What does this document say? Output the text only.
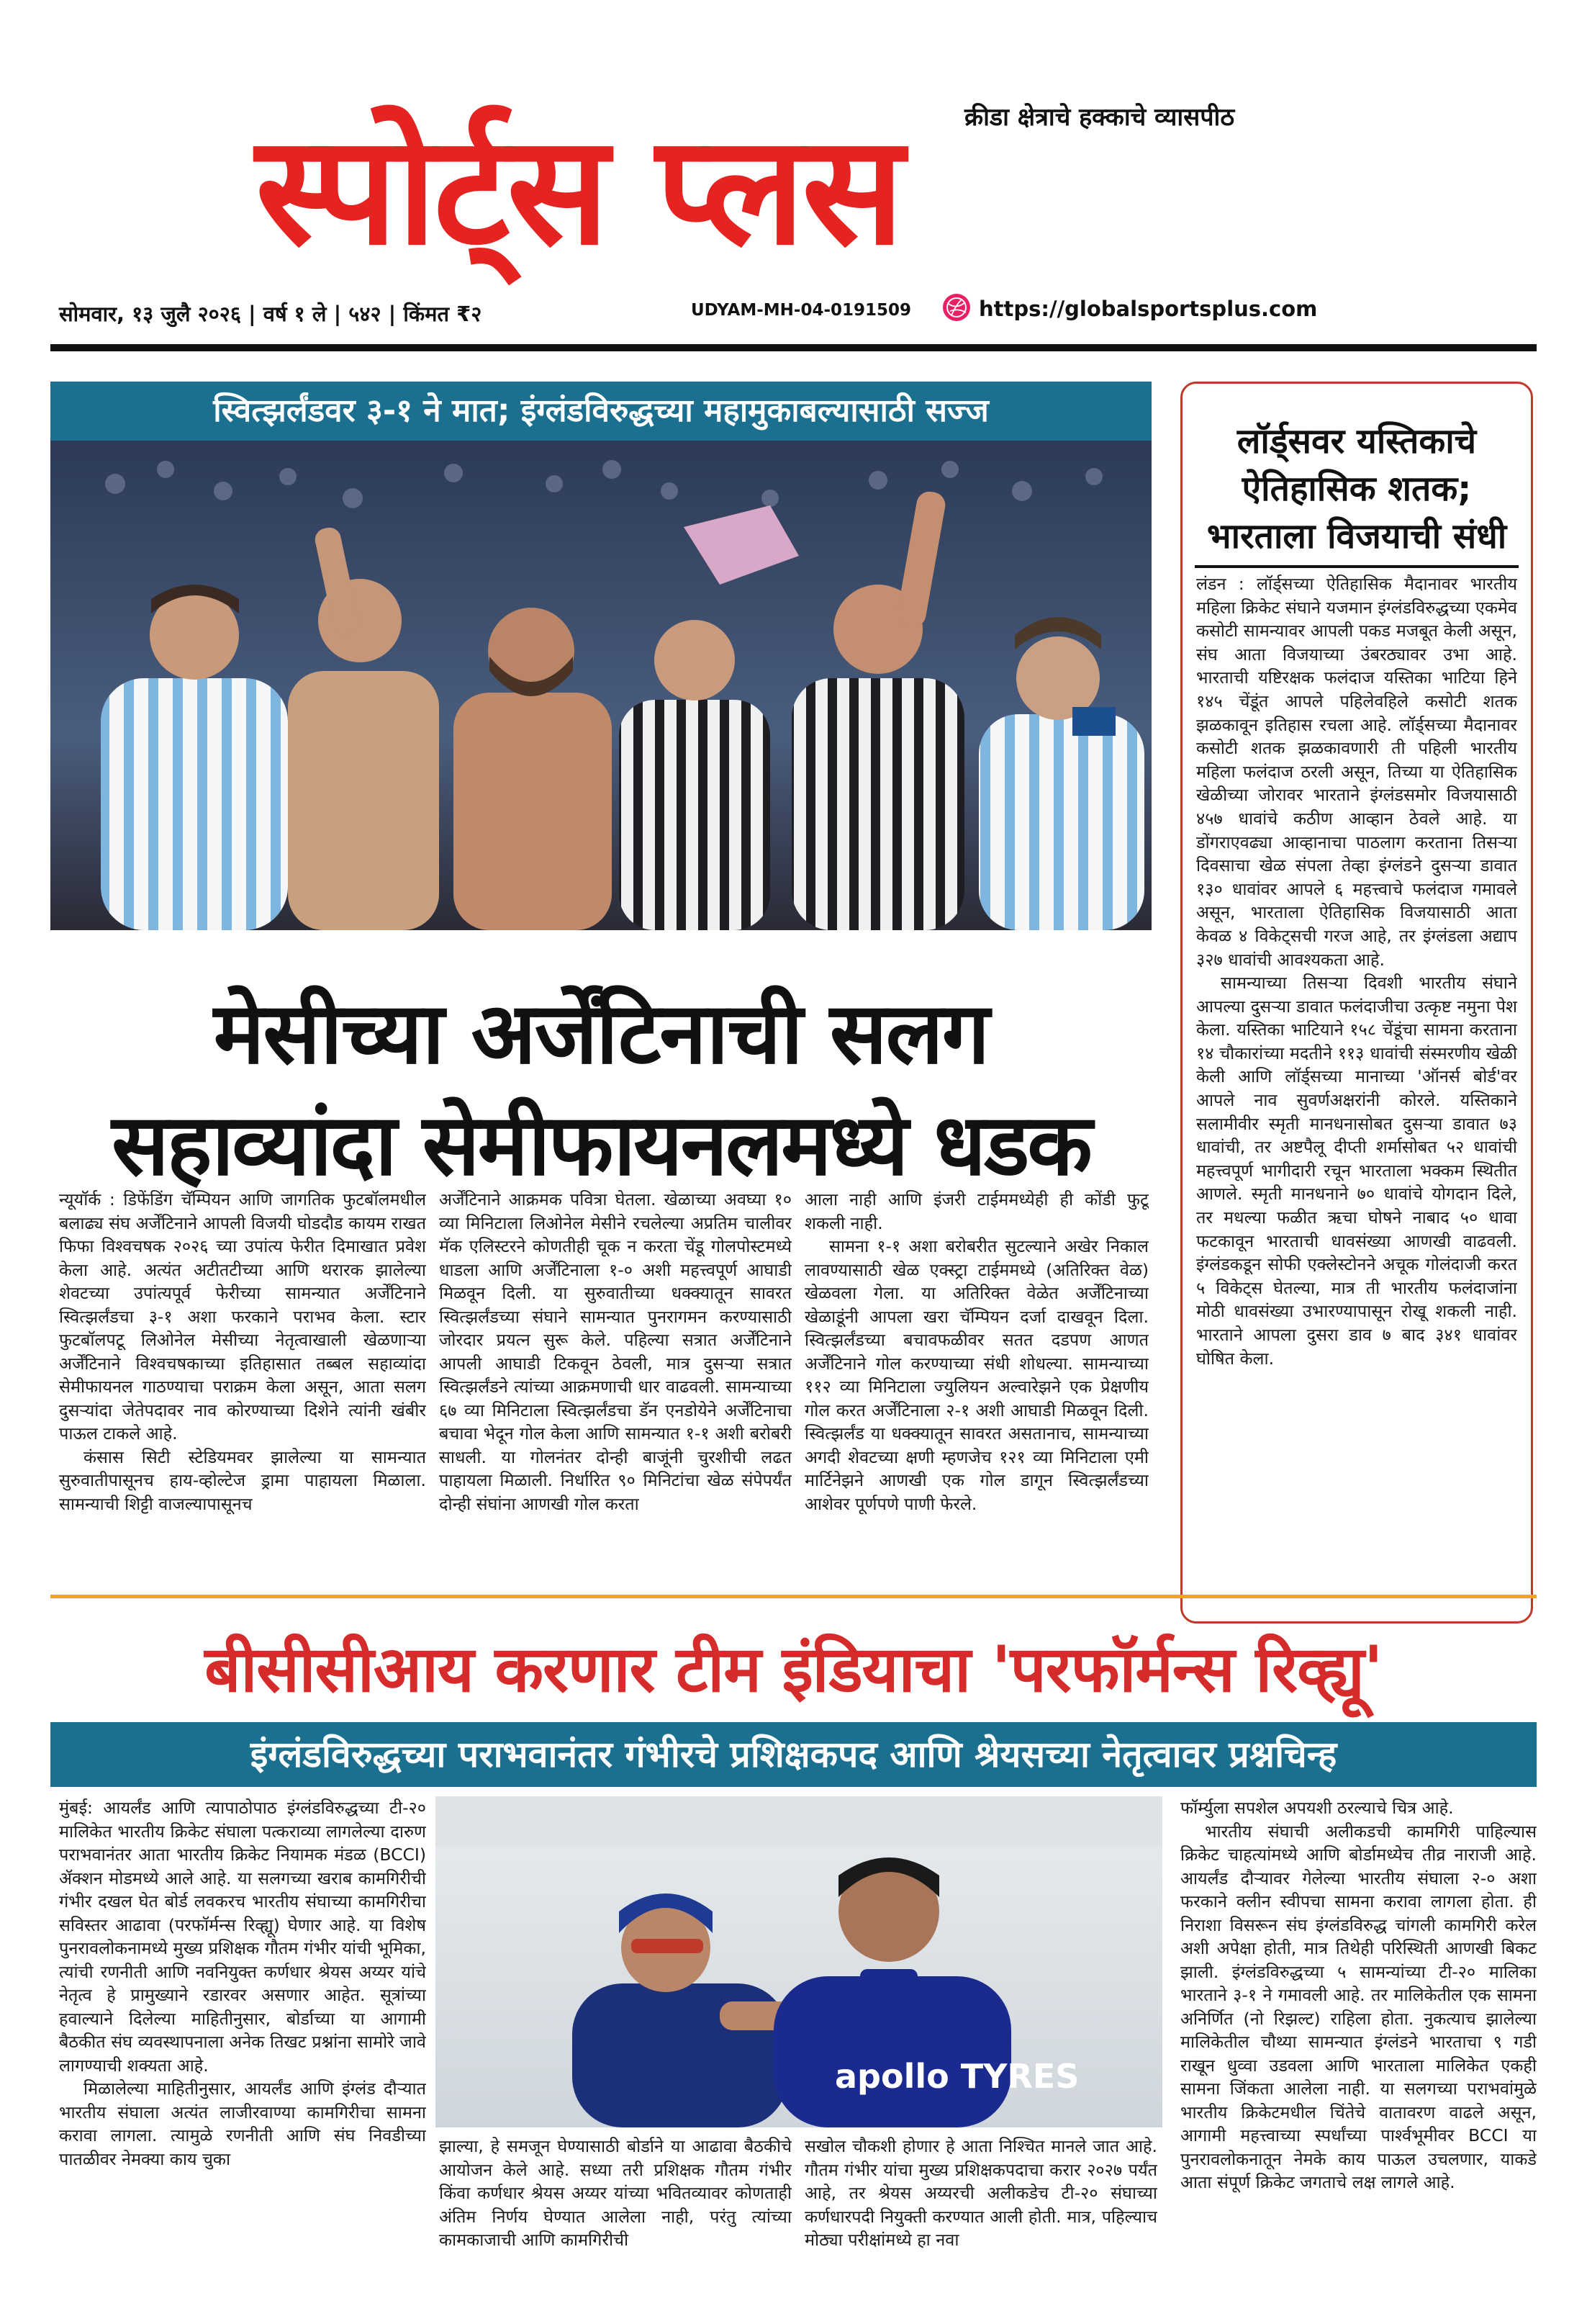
क्रीडा क्षेत्राचे हक्काचे व्यासपीठ
स्पोर्ट्स प्लस
सोमवार, १३ जुलै २०२६ | वर्ष १ ले | ५४२ | किंमत ₹२	UDYAM-MH-04-0191509	https://globalsportsplus.com
स्वित्झर्लंडवर ३-१ ने मात; इंग्लंडविरुद्धच्या महामुकाबल्यासाठी सज्ज
मेसीच्या अर्जेंटिनाची सलग
सहाव्यांदा सेमीफायनलमध्ये धडक

न्यूयॉर्क : डिफेंडिंग चॅम्पियन आणि जागतिक फुटबॉलमधील बलाढ्य संघ अर्जेंटिनाने आपली विजयी घोडदौड कायम राखत फिफा विश्वचषक २०२६ च्या उपांत्य फेरीत दिमाखात प्रवेश केला आहे. अत्यंत अटीतटीच्या आणि थरारक झालेल्या शेवटच्या उपांत्यपूर्व फेरीच्या सामन्यात अर्जेंटिनाने स्वित्झर्लंडचा ३-१ अशा फरकाने पराभव केला. स्टार फुटबॉलपटू लिओनेल मेसीच्या नेतृत्वाखाली खेळणाऱ्या अर्जेंटिनाने विश्वचषकाच्या इतिहासात तब्बल सहाव्यांदा सेमीफायनल गाठण्याचा पराक्रम केला असून, आता सलग दुसऱ्यांदा जेतेपदावर नाव कोरण्याच्या दिशेने त्यांनी खंबीर पाऊल टाकले आहे.

कंसास सिटी स्टेडियमवर झालेल्या या सामन्यात सुरुवातीपासूनच हाय-व्होल्टेज ड्रामा पाहायला मिळाला. सामन्याची शिट्टी वाजल्यापासूनच

अर्जेंटिनाने आक्रमक पवित्रा घेतला. खेळाच्या अवघ्या १० व्या मिनिटाला लिओनेल मेसीने रचलेल्या अप्रतिम चालीवर मॅक एलिस्टरने कोणतीही चूक न करता चेंडू गोलपोस्टमध्ये धाडला आणि अर्जेंटिनाला १-० अशी महत्त्वपूर्ण आघाडी मिळवून दिली. या सुरुवातीच्या धक्क्यातून सावरत स्वित्झर्लंडच्या संघाने सामन्यात पुनरागमन करण्यासाठी जोरदार प्रयत्न सुरू केले. पहिल्या सत्रात अर्जेंटिनाने आपली आघाडी टिकवून ठेवली, मात्र दुसऱ्या सत्रात स्वित्झर्लंडने त्यांच्या आक्रमणाची धार वाढवली. सामन्याच्या ६७ व्या मिनिटाला स्वित्झर्लंडचा डॅन एनडोयेने अर्जेंटिनाचा बचावा भेदून गोल केला आणि सामन्यात १-१ अशी बरोबरी साधली. या गोलनंतर दोन्ही बाजूंनी चुरशीची लढत पाहायला मिळाली. निर्धारित ९० मिनिटांचा खेळ संपेपर्यंत दोन्ही संघांना आणखी गोल करता

आला नाही आणि इंजरी टाईममध्येही ही कोंडी फुटू शकली नाही.

सामना १-१ अशा बरोबरीत सुटल्याने अखेर निकाल लावण्यासाठी खेळ एक्स्ट्रा टाईममध्ये (अतिरिक्त वेळ) खेळवला गेला. या अतिरिक्त वेळेत अर्जेंटिनाच्या खेळाडूंनी आपला खरा चॅम्पियन दर्जा दाखवून दिला. स्वित्झर्लंडच्या बचावफळीवर सतत दडपण आणत अर्जेंटिनाने गोल करण्याच्या संधी शोधल्या. सामन्याच्या ११२ व्या मिनिटाला ज्युलियन अल्वारेझने एक प्रेक्षणीय गोल करत अर्जेंटिनाला २-१ अशी आघाडी मिळवून दिली. स्वित्झर्लंड या धक्क्यातून सावरत असतानाच, सामन्याच्या अगदी शेवटच्या क्षणी म्हणजेच १२१ व्या मिनिटाला एमी मार्टिनेझने आणखी एक गोल डागून स्वित्झर्लंडच्या आशेवर पूर्णपणे पाणी फेरले.

लॉर्ड्सवर यस्तिकाचे ऐतिहासिक शतक; भारताला विजयाची संधी

लंडन : लॉर्ड्सच्या ऐतिहासिक मैदानावर भारतीय महिला क्रिकेट संघाने यजमान इंग्लंडविरुद्धच्या एकमेव कसोटी सामन्यावर आपली पकड मजबूत केली असून, संघ आता विजयाच्या उंबरठ्यावर उभा आहे. भारताची यष्टिरक्षक फलंदाज यस्तिका भाटिया हिने १४५ चेंडूंत आपले पहिलेवहिले कसोटी शतक झळकावून इतिहास रचला आहे. लॉर्ड्सच्या मैदानावर कसोटी शतक झळकावणारी ती पहिली भारतीय महिला फलंदाज ठरली असून, तिच्या या ऐतिहासिक खेळीच्या जोरावर भारताने इंग्लंडसमोर विजयासाठी ४५७ धावांचे कठीण आव्हान ठेवले आहे. या डोंगराएवढ्या आव्हानाचा पाठलाग करताना तिसऱ्या दिवसाचा खेळ संपला तेव्हा इंग्लंडने दुसऱ्या डावात १३० धावांवर आपले ६ महत्त्वाचे फलंदाज गमावले असून, भारताला ऐतिहासिक विजयासाठी आता केवळ ४ विकेट्सची गरज आहे, तर इंग्लंडला अद्याप ३२७ धावांची आवश्यकता आहे.

सामन्याच्या तिसऱ्या दिवशी भारतीय संघाने आपल्या दुसऱ्या डावात फलंदाजीचा उत्कृष्ट नमुना पेश केला. यस्तिका भाटियाने १५८ चेंडूंचा सामना करताना १४ चौकारांच्या मदतीने ११३ धावांची संस्मरणीय खेळी केली आणि लॉर्ड्सच्या मानाच्या 'ऑनर्स बोर्ड'वर आपले नाव सुवर्णअक्षरांनी कोरले. यस्तिकाने सलामीवीर स्मृती मानधनासोबत दुसऱ्या डावात ७३ धावांची, तर अष्टपैलू दीप्ती शर्मासोबत ५२ धावांची महत्त्वपूर्ण भागीदारी रचून भारताला भक्कम स्थितीत आणले. स्मृती मानधनाने ७० धावांचे योगदान दिले, तर मधल्या फळीत ऋचा घोषने नाबाद ५० धावा फटकावून भारताची धावसंख्या आणखी वाढवली. इंग्लंडकडून सोफी एक्लेस्टोनने अचूक गोलंदाजी करत ५ विकेट्स घेतल्या, मात्र ती भारतीय फलंदाजांना मोठी धावसंख्या उभारण्यापासून रोखू शकली नाही. भारताने आपला दुसरा डाव ७ बाद ३४१ धावांवर घोषित केला.

बीसीसीआय करणार टीम इंडियाचा 'परफॉर्मन्स रिव्ह्यू'
इंग्लंडविरुद्धच्या पराभवानंतर गंभीरचे प्रशिक्षकपद आणि श्रेयसच्या नेतृत्वावर प्रश्नचिन्ह

मुंबई: आयर्लंड आणि त्यापाठोपाठ इंग्लंडविरुद्धच्या टी-२० मालिकेत भारतीय क्रिकेट संघाला पत्कराव्या लागलेल्या दारुण पराभवानंतर आता भारतीय क्रिकेट नियामक मंडळ (BCCI) ॲक्शन मोडमध्ये आले आहे. या सलगच्या खराब कामगिरीची गंभीर दखल घेत बोर्ड लवकरच भारतीय संघाच्या कामगिरीचा सविस्तर आढावा (परफॉर्मन्स रिव्ह्यू) घेणार आहे. या विशेष पुनरावलोकनामध्ये मुख्य प्रशिक्षक गौतम गंभीर यांची भूमिका, त्यांची रणनीती आणि नवनियुक्त कर्णधार श्रेयस अय्यर यांचे नेतृत्व हे प्रामुख्याने रडारवर असणार आहेत. सूत्रांच्या हवाल्याने दिलेल्या माहितीनुसार, बोर्डाच्या या आगामी बैठकीत संघ व्यवस्थापनाला अनेक तिखट प्रश्नांना सामोरे जावे लागण्याची शक्यता आहे.

मिळालेल्या माहितीनुसार, आयर्लंड आणि इंग्लंड दौऱ्यात भारतीय संघाला अत्यंत लाजीरवाण्या कामगिरीचा सामना करावा लागला. त्यामुळे रणनीती आणि संघ निवडीच्या पातळीवर नेमक्या काय चुका

apollo TYRES

झाल्या, हे समजून घेण्यासाठी बोर्डाने या आढावा बैठकीचे आयोजन केले आहे. सध्या तरी प्रशिक्षक गौतम गंभीर किंवा कर्णधार श्रेयस अय्यर यांच्या भवितव्यावर कोणताही अंतिम निर्णय घेण्यात आलेला नाही, परंतु त्यांच्या कामकाजाची आणि कामगिरीची

सखोल चौकशी होणार हे आता निश्चित मानले जात आहे. गौतम गंभीर यांचा मुख्य प्रशिक्षकपदाचा करार २०२७ पर्यंत आहे, तर श्रेयस अय्यरची अलीकडेच टी-२० संघाच्या कर्णधारपदी नियुक्ती करण्यात आली होती. मात्र, पहिल्याच मोठ्या परीक्षांमध्ये हा नवा

फॉर्म्युला सपशेल अपयशी ठरल्याचे चित्र आहे.

भारतीय संघाची अलीकडची कामगिरी पाहिल्यास क्रिकेट चाहत्यांमध्ये आणि बोर्डामध्येच तीव्र नाराजी आहे. आयर्लंड दौऱ्यावर गेलेल्या भारतीय संघाला २-० अशा फरकाने क्लीन स्वीपचा सामना करावा लागला होता. ही निराशा विसरून संघ इंग्लंडविरुद्ध चांगली कामगिरी करेल अशी अपेक्षा होती, मात्र तिथेही परिस्थिती आणखी बिकट झाली. इंग्लंडविरुद्धच्या ५ सामन्यांच्या टी-२० मालिका भारताने ३-१ ने गमावली आहे. तर मालिकेतील एक सामना अनिर्णित (नो रिझल्ट) राहिला होता. नुकत्याच झालेल्या मालिकेतील चौथ्या सामन्यात इंग्लंडने भारताचा ९ गडी राखून धुव्वा उडवला आणि भारताला मालिकेत एकही सामना जिंकता आलेला नाही. या सलगच्या पराभवांमुळे भारतीय क्रिकेटमधील चिंतेचे वातावरण वाढले असून, आगामी महत्त्वाच्या स्पर्धांच्या पार्श्वभूमीवर BCCI या पुनरावलोकनातून नेमके काय पाऊल उचलणार, याकडे आता संपूर्ण क्रिकेट जगताचे लक्ष लागले आहे.
